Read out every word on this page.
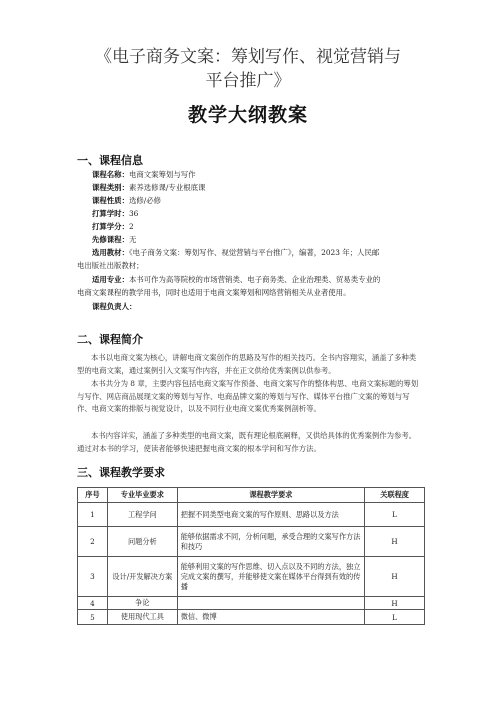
《电子商务文案：筹划写作、视觉营销与
平台推广》
教学大纲教案
一、课程信息
课程名称：电商文案筹划与写作
课程类别：素养选修课/专业根底课
课程性质：选修/必修
打算学时：36
打算学分：2
先修课程：无
选用教材：《电子商务文案：筹划写作、视觉营销与平台推广》，编著，2023 年；人民邮
电出版社出版教材；
适用专业：本书可作为高等院校的市场营销类、电子商务类、企业治理类、贸易类专业的
电商文案课程的教学用书，同时也适用于电商文案筹划和网络营销相关从业者使用。
课程负责人：
二、课程简介
本书以电商文案为核心，讲解电商文案创作的思路及写作的相关技巧。全书内容翔实，涵盖了多种类型的电商文案，通过案例引入文案写作内容，并在正文供给优秀案例以供参考。
本书共分为 8 章，主要内容包括电商文案写作预备、电商文案写作的整体构思、电商文案标题的筹划与写作、网店商品展现文案的筹划与写作、电商品牌文案的筹划与写作、媒体平台推广文案的筹划与写作、电商文案的排版与视觉设计，以及不同行业电商文案优秀案例剖析等。
本书内容详实，涵盖了多种类型的电商文案，既有理论根底阐释，又供给具体的优秀案例作为参考。通过对本书的学习，使读者能够快速把握电商文案的根本学问和写作方法。
三、课程教学要求
序号	专业毕业要求	课程教学要求	关联程度
1	工程学问	把握不同类型电商文案的写作原则、思路以及方法	L
2	问题分析	能够依据需求不同，分析问题，承受合理的文案写作方法和技巧	H
3	设计/开发解决方案	能够利用文案的写作思维、切入点以及不同的方法，独立完成文案的撰写，并能够使文案在媒体平台得到有效的传播	H
4	争论		H
5	使用现代工具	微信、微博	L
